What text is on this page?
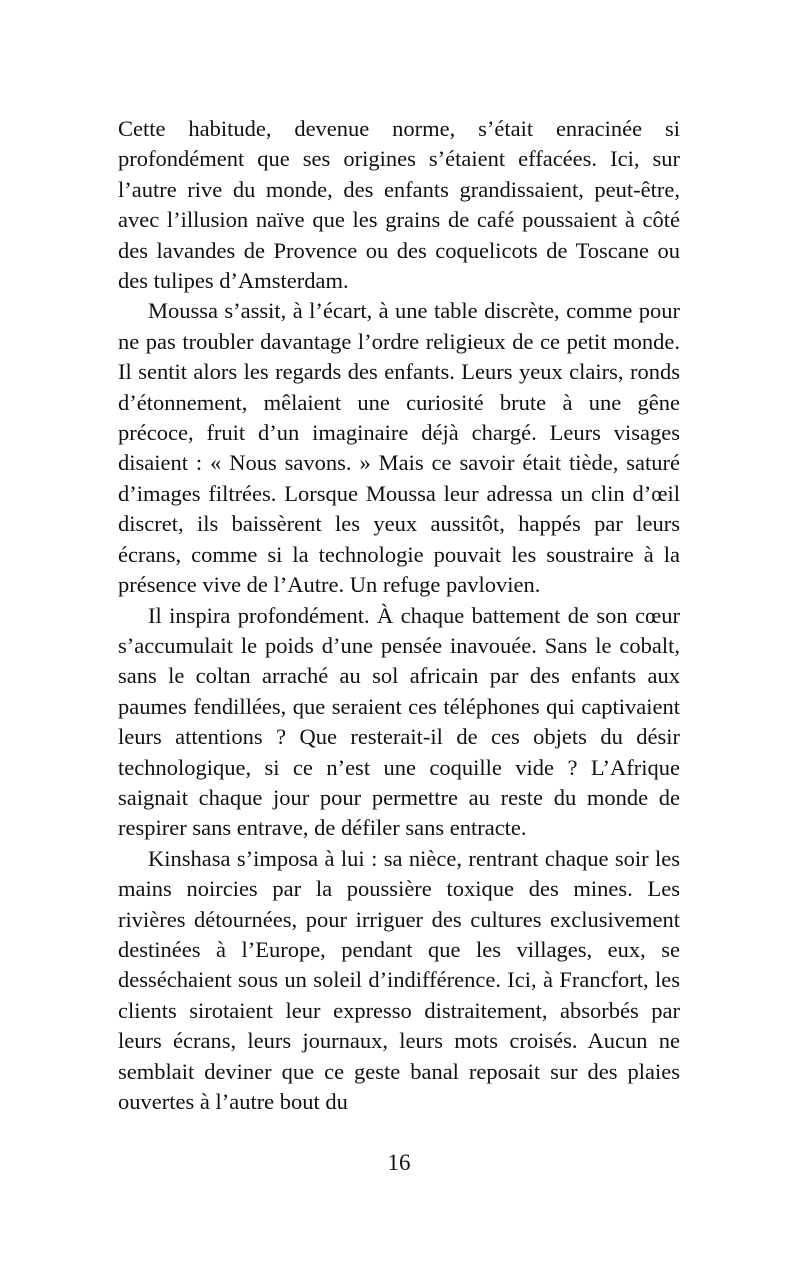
Cette habitude, devenue norme, s’était enracinée si profondément que ses origines s’étaient effacées. Ici, sur l’autre rive du monde, des enfants grandissaient, peut-être, avec l’illusion naïve que les grains de café poussaient à côté des lavandes de Provence ou des coquelicots de Toscane ou des tulipes d’Amsterdam.

Moussa s’assit, à l’écart, à une table discrète, comme pour ne pas troubler davantage l’ordre religieux de ce petit monde. Il sentit alors les regards des enfants. Leurs yeux clairs, ronds d’étonnement, mêlaient une curiosité brute à une gêne précoce, fruit d’un imaginaire déjà chargé. Leurs visages disaient : « Nous savons. » Mais ce savoir était tiède, saturé d’images filtrées. Lorsque Moussa leur adressa un clin d’œil discret, ils baissèrent les yeux aussitôt, happés par leurs écrans, comme si la technologie pouvait les soustraire à la présence vive de l’Autre. Un refuge pavlovien.

Il inspira profondément. À chaque battement de son cœur s’accumulait le poids d’une pensée inavouée. Sans le cobalt, sans le coltan arraché au sol africain par des enfants aux paumes fendillées, que seraient ces téléphones qui captivaient leurs attentions ? Que resterait-il de ces objets du désir technologique, si ce n’est une coquille vide ? L’Afrique saignait chaque jour pour permettre au reste du monde de respirer sans entrave, de défiler sans entracte.

Kinshasa s’imposa à lui : sa nièce, rentrant chaque soir les mains noircies par la poussière toxique des mines. Les rivières détournées, pour irriguer des cultures exclusivement destinées à l’Europe, pendant que les villages, eux, se desséchaient sous un soleil d’indifférence. Ici, à Francfort, les clients sirotaient leur expresso distraitement, absorbés par leurs écrans, leurs journaux, leurs mots croisés. Aucun ne semblait deviner que ce geste banal reposait sur des plaies ouvertes à l’autre bout du

16
